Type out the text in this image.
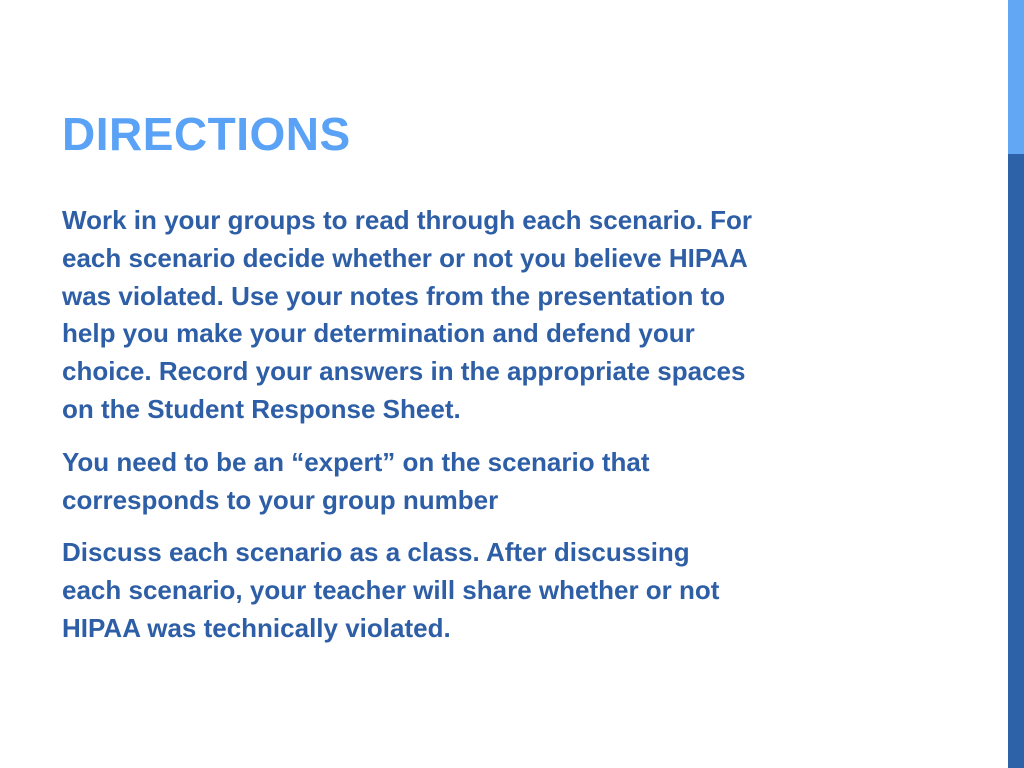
DIRECTIONS

Work in your groups to read through each scenario. For
each scenario decide whether or not you believe HIPAA
was violated. Use your notes from the presentation to
help you make your determination and defend your
choice. Record your answers in the appropriate spaces
on the Student Response Sheet.

You need to be an “expert” on the scenario that
corresponds to your group number

Discuss each scenario as a class. After discussing
each scenario, your teacher will share whether or not
HIPAA was technically violated.
